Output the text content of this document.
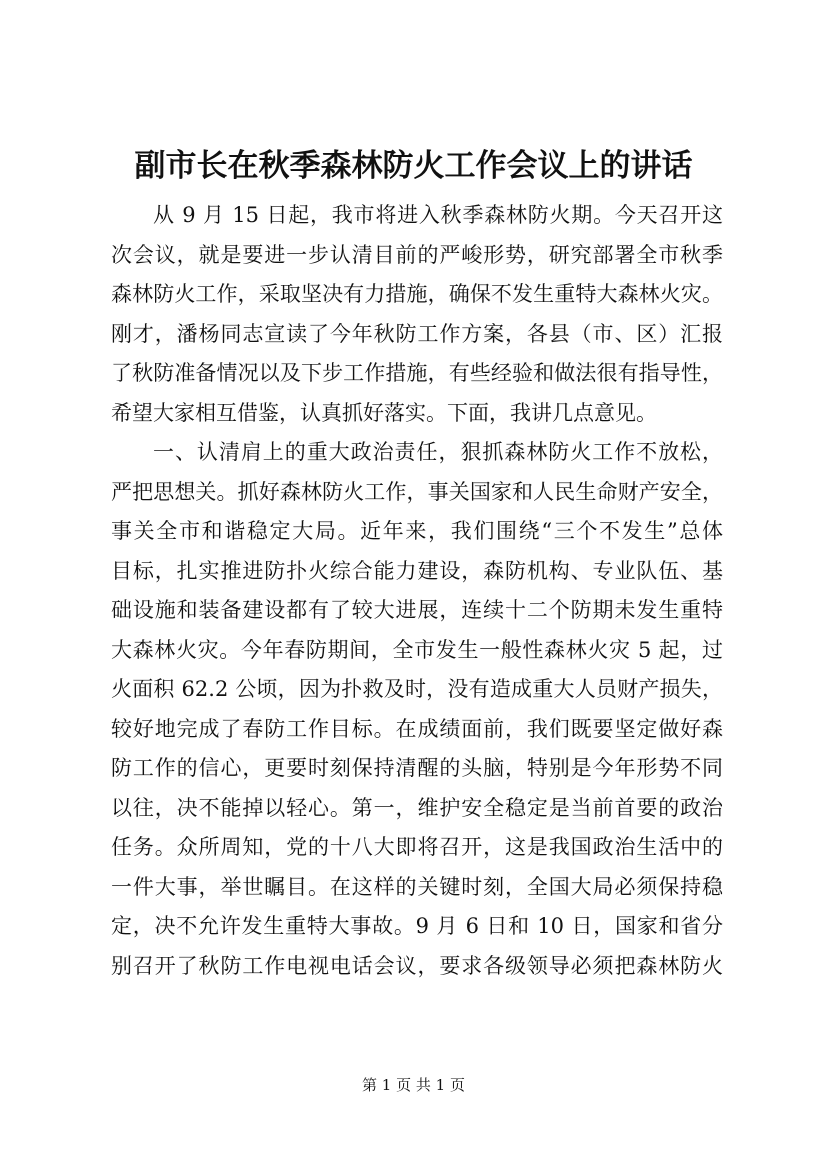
副市长在秋季森林防火工作会议上的讲话
从 9 月 15 日起，我市将进入秋季森林防火期。今天召开这
次会议，就是要进一步认清目前的严峻形势，研究部署全市秋季
森林防火工作，采取坚决有力措施，确保不发生重特大森林火灾。
刚才，潘杨同志宣读了今年秋防工作方案，各县（市、区）汇报
了秋防准备情况以及下步工作措施，有些经验和做法很有指导性，
希望大家相互借鉴，认真抓好落实。下面，我讲几点意见。
一、认清肩上的重大政治责任，狠抓森林防火工作不放松，
严把思想关。抓好森林防火工作，事关国家和人民生命财产安全，
事关全市和谐稳定大局。近年来，我们围绕“三个不发生”总体
目标，扎实推进防扑火综合能力建设，森防机构、专业队伍、基
础设施和装备建设都有了较大进展，连续十二个防期未发生重特
大森林火灾。今年春防期间，全市发生一般性森林火灾 5 起，过
火面积 62.2 公顷，因为扑救及时，没有造成重大人员财产损失，
较好地完成了春防工作目标。在成绩面前，我们既要坚定做好森
防工作的信心，更要时刻保持清醒的头脑，特别是今年形势不同
以往，决不能掉以轻心。第一，维护安全稳定是当前首要的政治
任务。众所周知，党的十八大即将召开，这是我国政治生活中的
一件大事，举世瞩目。在这样的关键时刻，全国大局必须保持稳
定，决不允许发生重特大事故。9 月 6 日和 10 日，国家和省分
别召开了秋防工作电视电话会议，要求各级领导必须把森林防火
第 1 页 共 1 页
